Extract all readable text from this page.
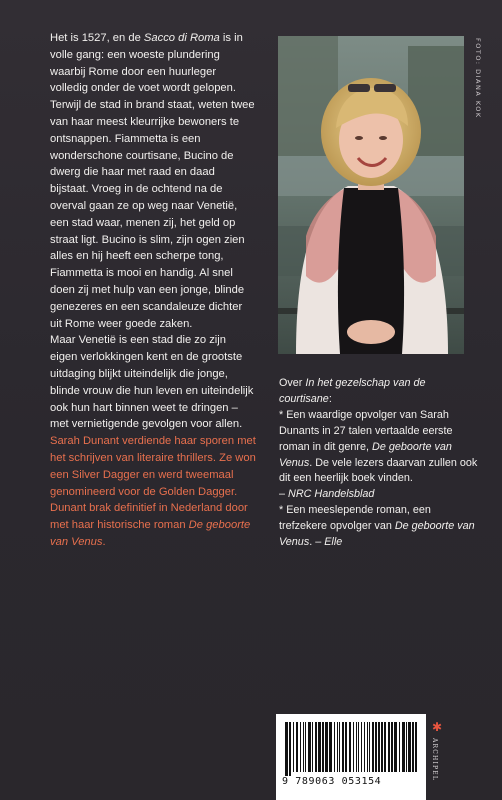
Het is 1527, en de Sacco di Roma is in volle gang: een woeste plundering waarbij Rome door een huurleger volledig onder de voet wordt gelopen. Terwijl de stad in brand staat, weten twee van haar meest kleurrijke bewoners te ontsnappen. Fiammetta is een wonderschone courtisane, Bucino de dwerg die haar met raad en daad bijstaat. Vroeg in de ochtend na de overval gaan ze op weg naar Venetië, een stad waar, menen zij, het geld op straat ligt. Bucino is slim, zijn ogen zien alles en hij heeft een scherpe tong, Fiammetta is mooi en handig. Al snel doen zij met hulp van een jonge, blinde genezeres en een scandaleuze dichter uit Rome weer goede zaken.

Maar Venetië is een stad die zo zijn eigen verlokkingen kent en de grootste uitdaging blijkt uiteindelijk die jonge, blinde vrouw die hun leven en uiteindelijk ook hun hart binnen weet te dringen – met vernietigende gevolgen voor allen.

Sarah Dunant verdiende haar sporen met het schrijven van literaire thrillers. Ze won een Silver Dagger en werd tweemaal genomineerd voor de Golden Dagger. Dunant brak definitief in Nederland door met haar historische roman De geboorte van Venus.

FOTO: DIANA KOK

Over In het gezelschap van de courtisane:

* Een waardige opvolger van Sarah Dunants in 27 talen vertaalde eerste roman in dit genre, De geboorte van Venus. De vele lezers daarvan zullen ook dit een heerlijk boek vinden.

– NRC Handelsblad

* Een meeslepende roman, een trefzekere opvolger van De geboorte van Venus. – Elle

9 789063 053154
✱
ARCHIPEL
